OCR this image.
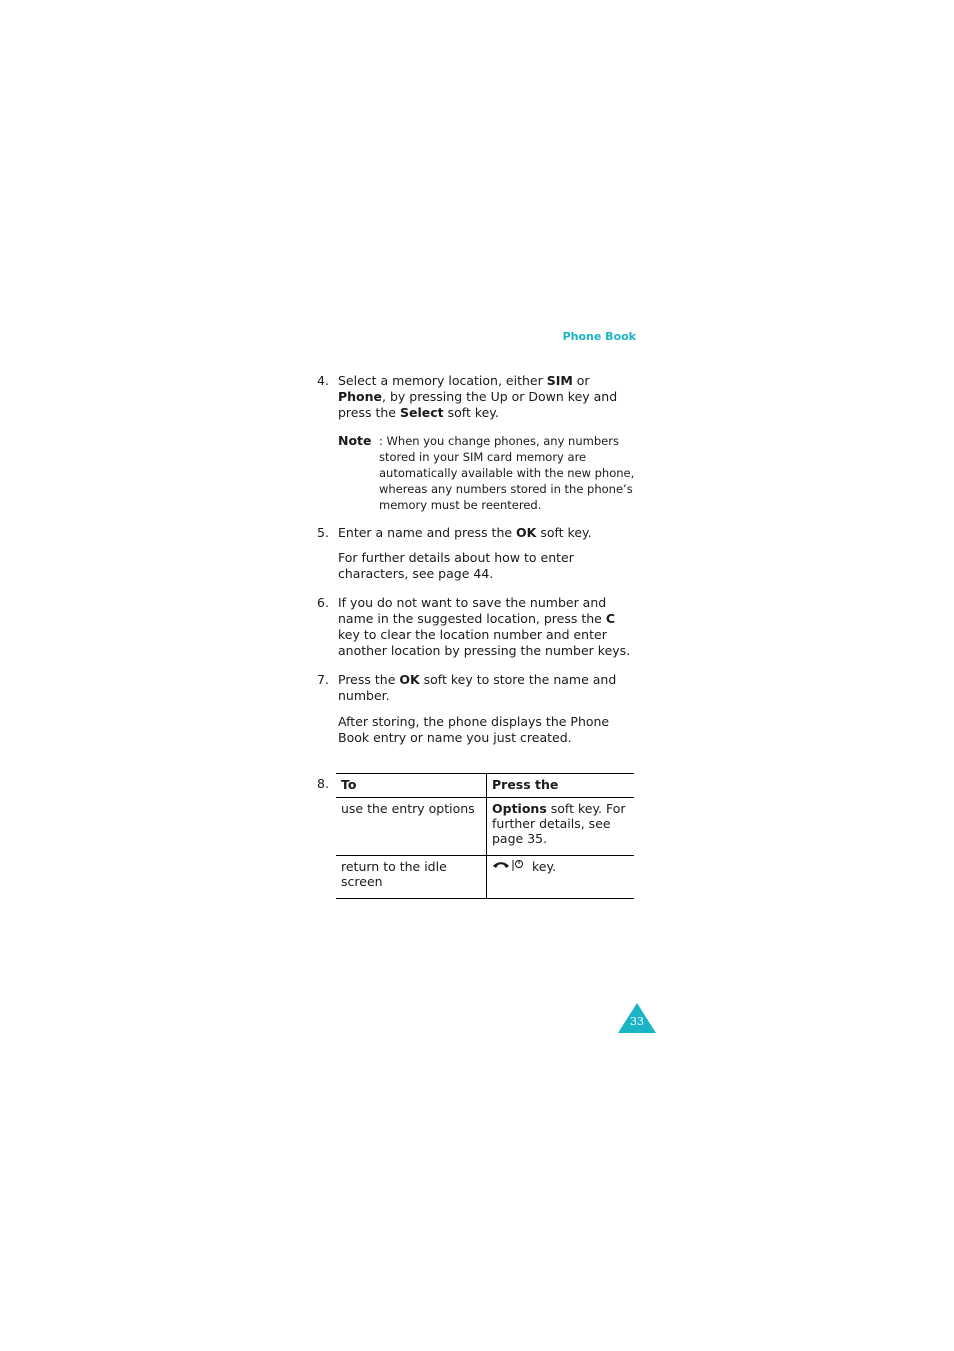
Phone Book
4. Select a memory location, either SIM or Phone, by pressing the Up or Down key and press the Select soft key.

Note : When you change phones, any numbers stored in your SIM card memory are automatically available with the new phone, whereas any numbers stored in the phone’s memory must be reentered.
5. Enter a name and press the OK soft key.

For further details about how to enter characters, see page 44.

6. If you do not want to save the number and name in the suggested location, press the C key to clear the location number and enter another location by pressing the number keys.

7. Press the OK soft key to store the name and number.

After storing, the phone displays the Phone Book entry or name you just created.

8. To	Press the
use the entry options	Options soft key. For further details, see page 35.
return to the idle screen	key.
33
